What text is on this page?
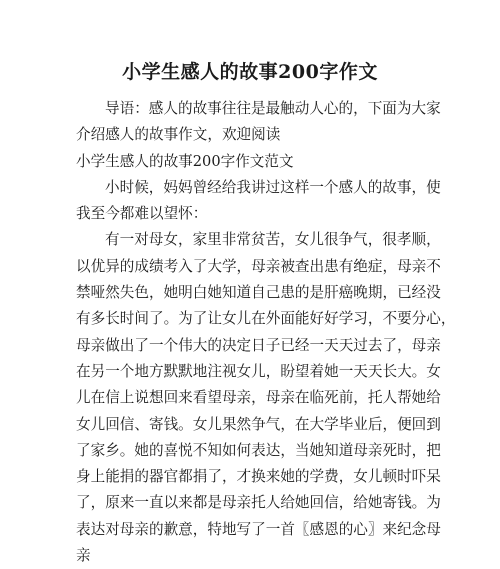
小学生感人的故事200字作文
导语：感人的故事往往是最触动人心的，下面为大家
介绍感人的故事作文，欢迎阅读
小学生感人的故事200字作文范文
小时候，妈妈曾经给我讲过这样一个感人的故事，使
我至今都难以望怀：
有一对母女，家里非常贫苦，女儿很争气，很孝顺，
以优异的成绩考入了大学，母亲被查出患有绝症，母亲不
禁哑然失色，她明白她知道自己患的是肝癌晚期，已经没
有多长时间了。为了让女儿在外面能好好学习，不要分心，
母亲做出了一个伟大的决定日子已经一天天过去了，母亲
在另一个地方默默地注视女儿，盼望着她一天天长大。女
儿在信上说想回来看望母亲，母亲在临死前，托人帮她给
女儿回信、寄钱。女儿果然争气，在大学毕业后，便回到
了家乡。她的喜悦不知如何表达，当她知道母亲死时，把
身上能捐的器官都捐了，才换来她的学费，女儿顿时吓呆
了，原来一直以来都是母亲托人给她回信，给她寄钱。为
表达对母亲的歉意，特地写了一首〖感恩的心〗来纪念母
亲
